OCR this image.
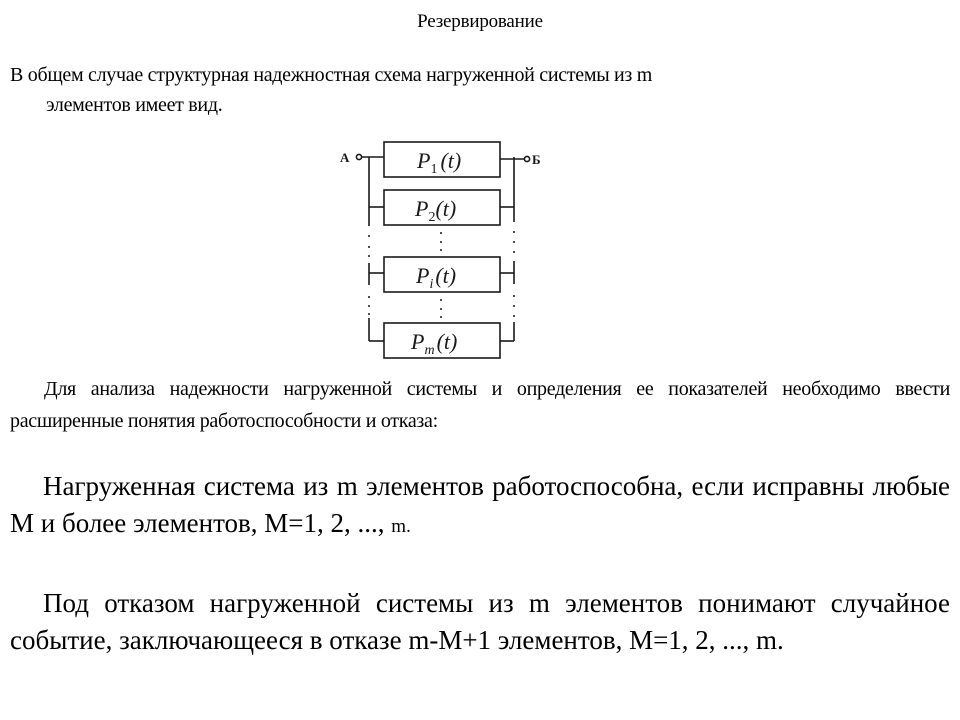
Резервирование
В общем случае структурная надежностная схема нагруженной системы из m
элементов имеет вид.
А	Б
$P_1$ (t)
$P_2(t)$
$P_i(t)$
$P_m(t)$
Для анализа надежности нагруженной системы и определения ее показателей необходимо ввести расширенные понятия работоспособности и отказа:
Нагруженная система из m элементов работоспособна, если исправны любые M и более элементов, M=1, 2, ..., m.
Под отказом нагруженной системы из m элементов понимают случайное событие, заключающееся в отказе m-M+1 элементов, M=1, 2, ..., m.
